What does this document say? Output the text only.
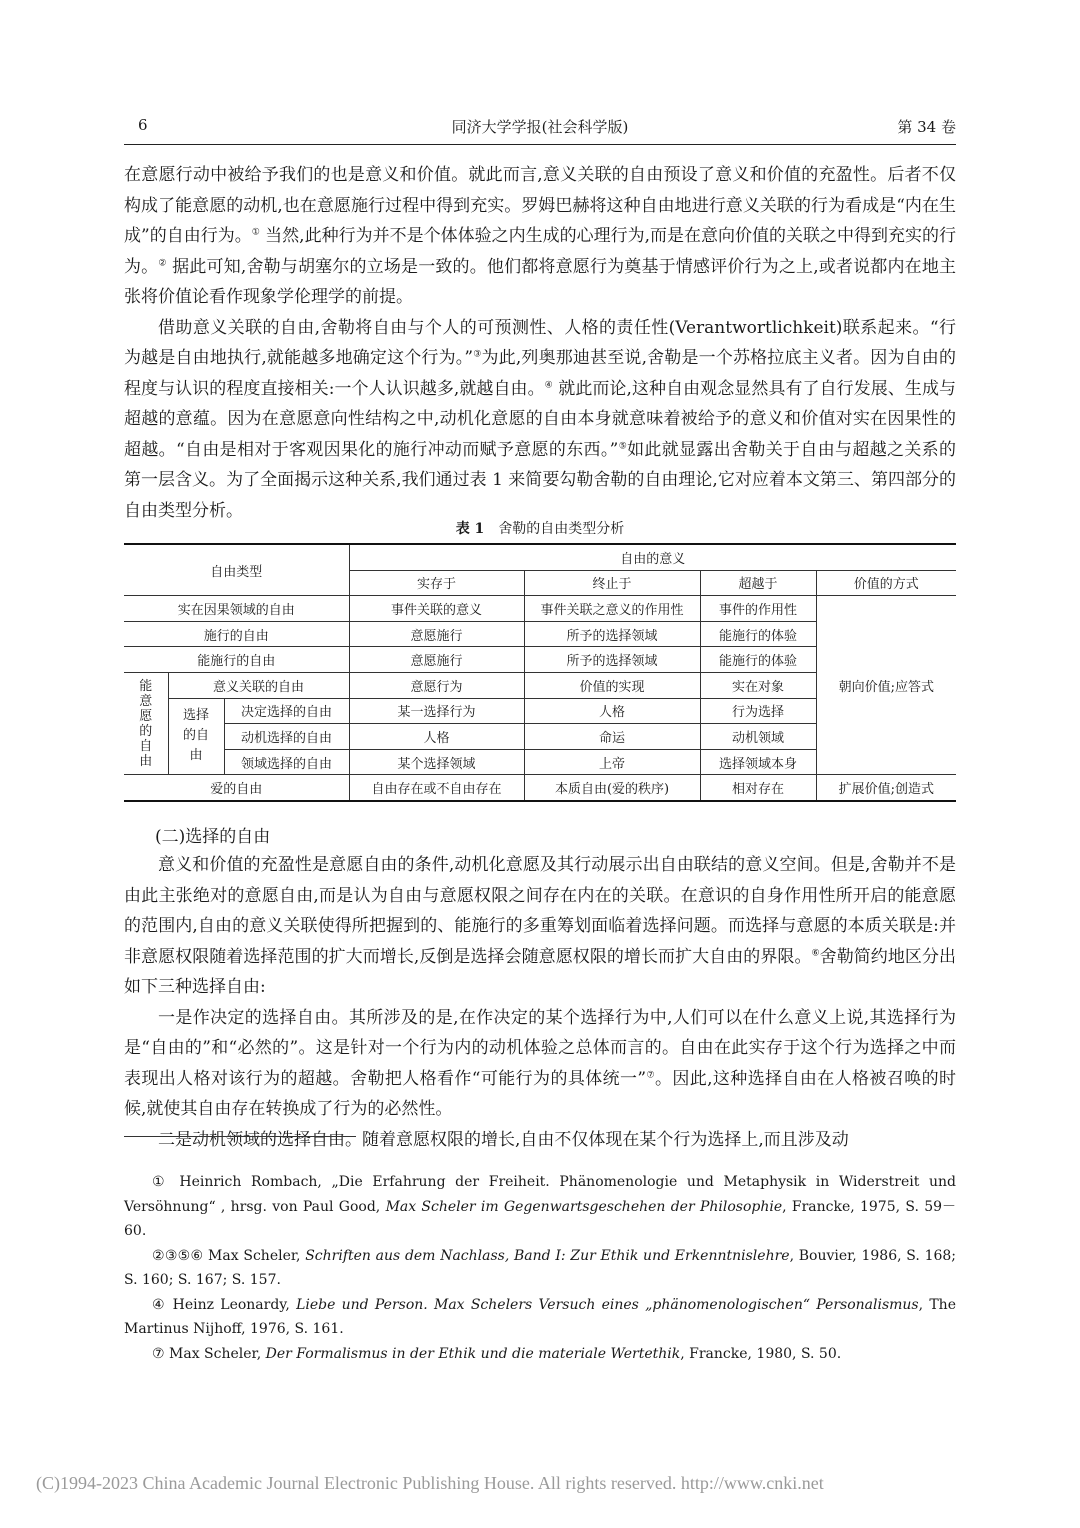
6	同济大学学报(社会科学版)	第 34 卷

在意愿行动中被给予我们的也是意义和价值。就此而言,意义关联的自由预设了意义和价值的充盈性。后者不仅构成了能意愿的动机,也在意愿施行过程中得到充实。罗姆巴赫将这种自由地进行意义关联的行为看成是“内在生成”的自由行为。① 当然,此种行为并不是个体体验之内生成的心理行为,而是在意向价值的关联之中得到充实的行为。② 据此可知,舍勒与胡塞尔的立场是一致的。他们都将意愿行为奠基于情感评价行为之上,或者说都内在地主张将价值论看作现象学伦理学的前提。

借助意义关联的自由,舍勒将自由与个人的可预测性、人格的责任性(Verantwortlichkeit)联系起来。“行为越是自由地执行,就能越多地确定这个行为。”③为此,列奥那迪甚至说,舍勒是一个苏格拉底主义者。因为自由的程度与认识的程度直接相关:一个人认识越多,就越自由。④ 就此而论,这种自由观念显然具有了自行发展、生成与超越的意蕴。因为在意愿意向性结构之中,动机化意愿的自由本身就意味着被给予的意义和价值对实在因果性的超越。“自由是相对于客观因果化的施行冲动而赋予意愿的东西。”⑤如此就显露出舍勒关于自由与超越之关系的第一层含义。为了全面揭示这种关系,我们通过表 1 来简要勾勒舍勒的自由理论,它对应着本文第三、第四部分的自由类型分析。

表 1 舍勒的自由类型分析
自由类型			自由的意义			
			实存于	终止于	超越于	价值的方式
实在因果领域的自由			事件关联的意义	事件关联之意义的作用性	事件的作用性	朝向价值;应答式
施行的自由			意愿施行	所予的选择领域	能施行的体验	
能施行的自由			意愿施行	所予的选择领域	能施行的体验	
能意愿的自由	意义关联的自由		意愿行为	价值的实现	实在对象	
	选择的自由	决定选择的自由	某一选择行为	人格	行为选择	
		动机选择的自由	人格	命运	动机领域	
		领域选择的自由	某个选择领域	上帝	选择领域本身	
爱的自由			自由存在或不自由存在	本质自由(爱的秩序)	相对存在	扩展价值;创造式
(二)选择的自由

意义和价值的充盈性是意愿自由的条件,动机化意愿及其行动展示出自由联结的意义空间。但是,舍勒并不是由此主张绝对的意愿自由,而是认为自由与意愿权限之间存在内在的关联。在意识的自身作用性所开启的能意愿的范围内,自由的意义关联使得所把握到的、能施行的多重筹划面临着选择问题。而选择与意愿的本质关联是:并非意愿权限随着选择范围的扩大而增长,反倒是选择会随意愿权限的增长而扩大自由的界限。⑥舍勒简约地区分出如下三种选择自由:

一是作决定的选择自由。其所涉及的是,在作决定的某个选择行为中,人们可以在什么意义上说,其选择行为是“自由的”和“必然的”。这是针对一个行为内的动机体验之总体而言的。自由在此实存于这个行为选择之中而表现出人格对该行为的超越。舍勒把人格看作“可能行为的具体统一”⑦。因此,这种选择自由在人格被召唤的时候,就使其自由存在转换成了行为的必然性。

二是动机领域的选择自由。随着意愿权限的增长,自由不仅体现在某个行为选择上,而且涉及动

① Heinrich Rombach, „Die Erfahrung der Freiheit. Phänomenologie und Metaphysik in Widerstreit und Versöhnung“ , hrsg. von Paul Good, Max Scheler im Gegenwartsgeschehen der Philosophie, Francke, 1975, S. 59－60.

②③⑤⑥ Max Scheler, Schriften aus dem Nachlass, Band I: Zur Ethik und Erkenntnislehre, Bouvier, 1986, S. 168; S. 160; S. 167; S. 157.

④ Heinz Leonardy, Liebe und Person. Max Schelers Versuch eines „phänomenologischen“ Personalismus, The Martinus Nijhoff, 1976, S. 161.

⑦ Max Scheler, Der Formalismus in der Ethik und die materiale Wertethik, Francke, 1980, S. 50.

(C)1994-2023 China Academic Journal Electronic Publishing House. All rights reserved. http://www.cnki.net
